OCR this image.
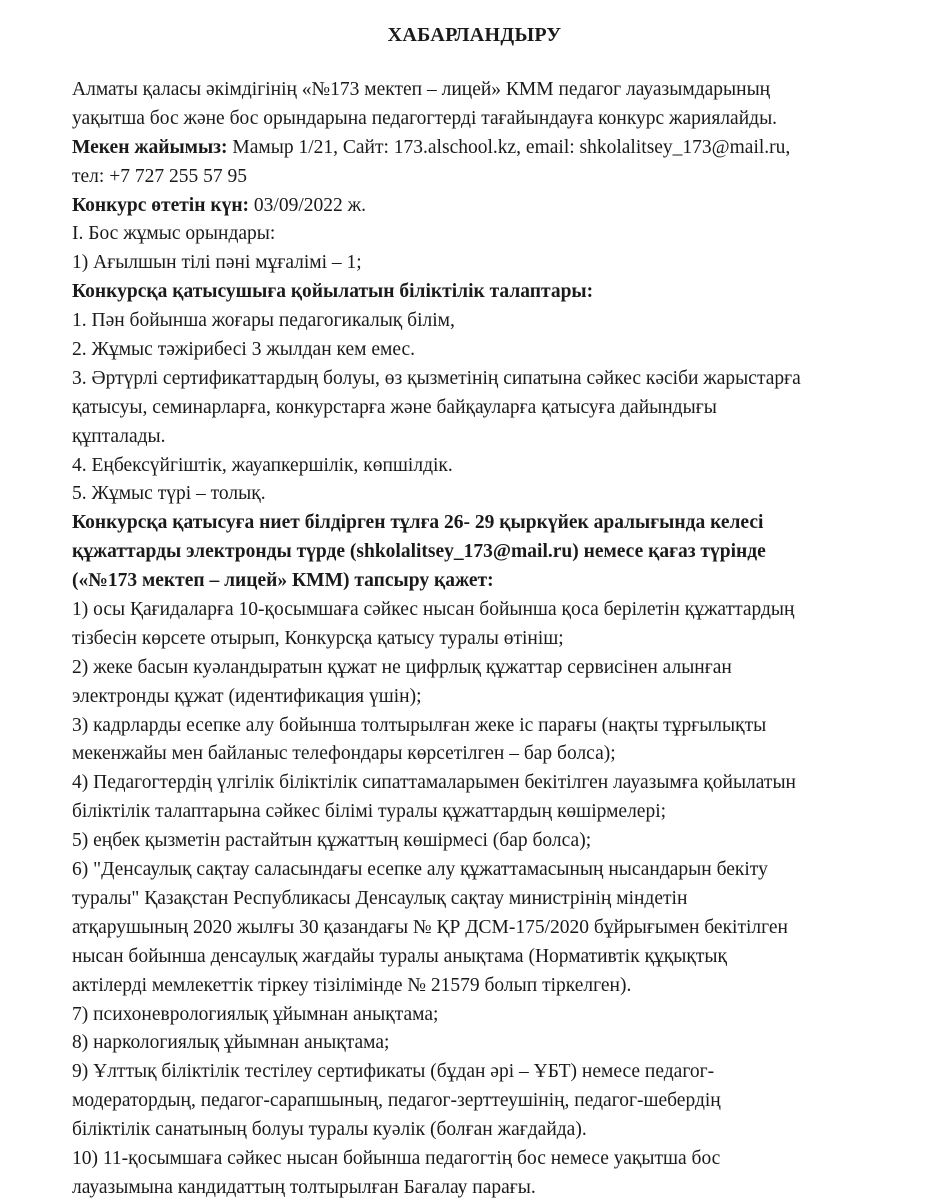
ХАБАРЛАНДЫРУ
Алматы қаласы әкімдігінің «№173 мектеп – лицей» КММ педагог лауазымдарының
уақытша бос және бос орындарына педагогтерді тағайындауға конкурс жариялайды.
Мекен жайымыз: Мамыр 1/21, Сайт: 173.alschool.kz, email: shkolalitsey_173@mail.ru,
тел: +7 727 255 57 95
Конкурс өтетін күн: 03/09/2022 ж.
І. Бос жұмыс орындары:
1) Ағылшын тілі пәні мұғалімі – 1;
Конкурсқа қатысушыға қойылатын біліктілік талаптары:
1. Пән бойынша жоғары педагогикалық білім,
2. Жұмыс тәжірибесі 3 жылдан кем емес.
3. Әртүрлі сертификаттардың болуы, өз қызметінің сипатына сәйкес кәсіби жарыстарға
қатысуы, семинарларға, конкурстарға және байқауларға қатысуға дайындығы
құпталады.
4. Еңбексүйгіштік, жауапкершілік, көпшілдік.
5. Жұмыс түрі – толық.
Конкурсқа қатысуға ниет білдірген тұлға 26- 29 қыркүйек аралығында келесі
құжаттарды электронды түрде (shkolalitsey_173@mail.ru) немесе қағаз түрінде
(«№173 мектеп – лицей» КММ) тапсыру қажет:
1) осы Қағидаларға 10-қосымшаға сәйкес нысан бойынша қоса берілетін құжаттардың
тізбесін көрсете отырып, Конкурсқа қатысу туралы өтініш;
2) жеке басын куәландыратын құжат не цифрлық құжаттар сервисінен алынған
электронды құжат (идентификация үшін);
3) кадрларды есепке алу бойынша толтырылған жеке іс парағы (нақты тұрғылықты
мекенжайы мен байланыс телефондары көрсетілген – бар болса);
4) Педагогтердің үлгілік біліктілік сипаттамаларымен бекітілген лауазымға қойылатын
біліктілік талаптарына сәйкес білімі туралы құжаттардың көшірмелері;
5) еңбек қызметін растайтын құжаттың көшірмесі (бар болса);
6) "Денсаулық сақтау саласындағы есепке алу құжаттамасының нысандарын бекіту
туралы" Қазақстан Республикасы Денсаулық сақтау министрінің міндетін
атқарушының 2020 жылғы 30 қазандағы № ҚР ДСМ-175/2020 бұйрығымен бекітілген
нысан бойынша денсаулық жағдайы туралы анықтама (Нормативтік құқықтық
актілерді мемлекеттік тіркеу тізілімінде № 21579 болып тіркелген).
7) психоневрологиялық ұйымнан анықтама;
8) наркологиялық ұйымнан анықтама;
9) Ұлттық біліктілік тестілеу сертификаты (бұдан әрі – ҰБТ) немесе педагог-
модератордың, педагог-сарапшының, педагог-зерттеушінің, педагог-шебердің
біліктілік санатының болуы туралы куәлік (болған жағдайда).
10) 11-қосымшаға сәйкес нысан бойынша педагогтің бос немесе уақытша бос
лауазымына кандидаттың толтырылған Бағалау парағы.
